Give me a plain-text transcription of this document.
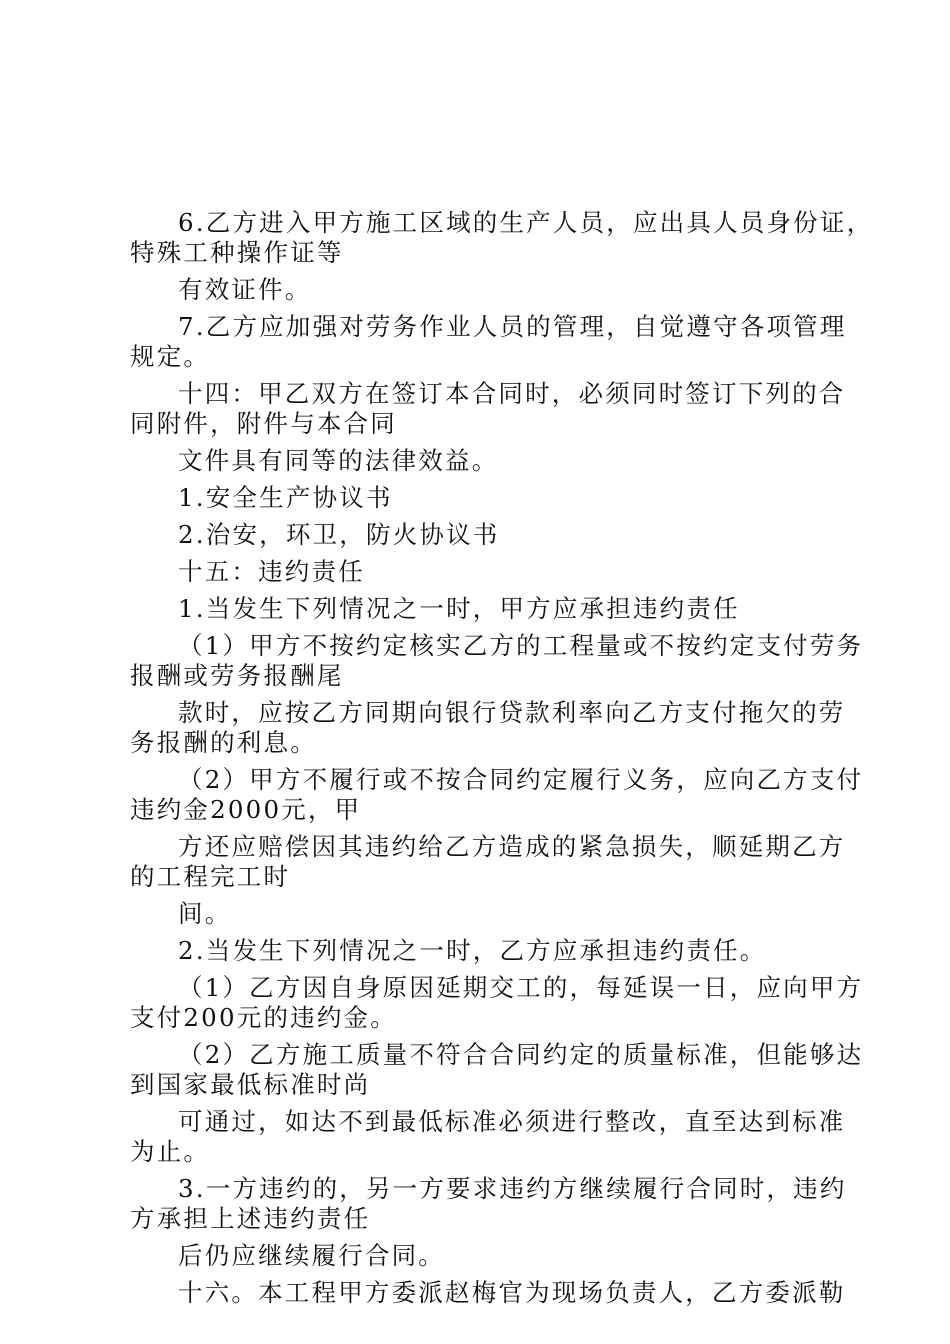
6.乙方进入甲方施工区域的生产人员，应出具人员身份证，
特殊工种操作证等
有效证件。
7.乙方应加强对劳务作业人员的管理，自觉遵守各项管理
规定。
十四：甲乙双方在签订本合同时，必须同时签订下列的合
同附件，附件与本合同
文件具有同等的法律效益。
1.安全生产协议书
2.治安，环卫，防火协议书
十五：违约责任
1.当发生下列情况之一时，甲方应承担违约责任
（1）甲方不按约定核实乙方的工程量或不按约定支付劳务
报酬或劳务报酬尾
款时，应按乙方同期向银行贷款利率向乙方支付拖欠的劳
务报酬的利息。
（2）甲方不履行或不按合同约定履行义务，应向乙方支付
违约金2000元，甲
方还应赔偿因其违约给乙方造成的紧急损失，顺延期乙方
的工程完工时
间。
2.当发生下列情况之一时，乙方应承担违约责任。
（1）乙方因自身原因延期交工的，每延误一日，应向甲方
支付200元的违约金。
（2）乙方施工质量不符合合同约定的质量标准，但能够达
到国家最低标准时尚
可通过，如达不到最低标准必须进行整改，直至达到标准
为止。
3.一方违约的，另一方要求违约方继续履行合同时，违约
方承担上述违约责任
后仍应继续履行合同。
十六。本工程甲方委派赵梅官为现场负责人，乙方委派勒
